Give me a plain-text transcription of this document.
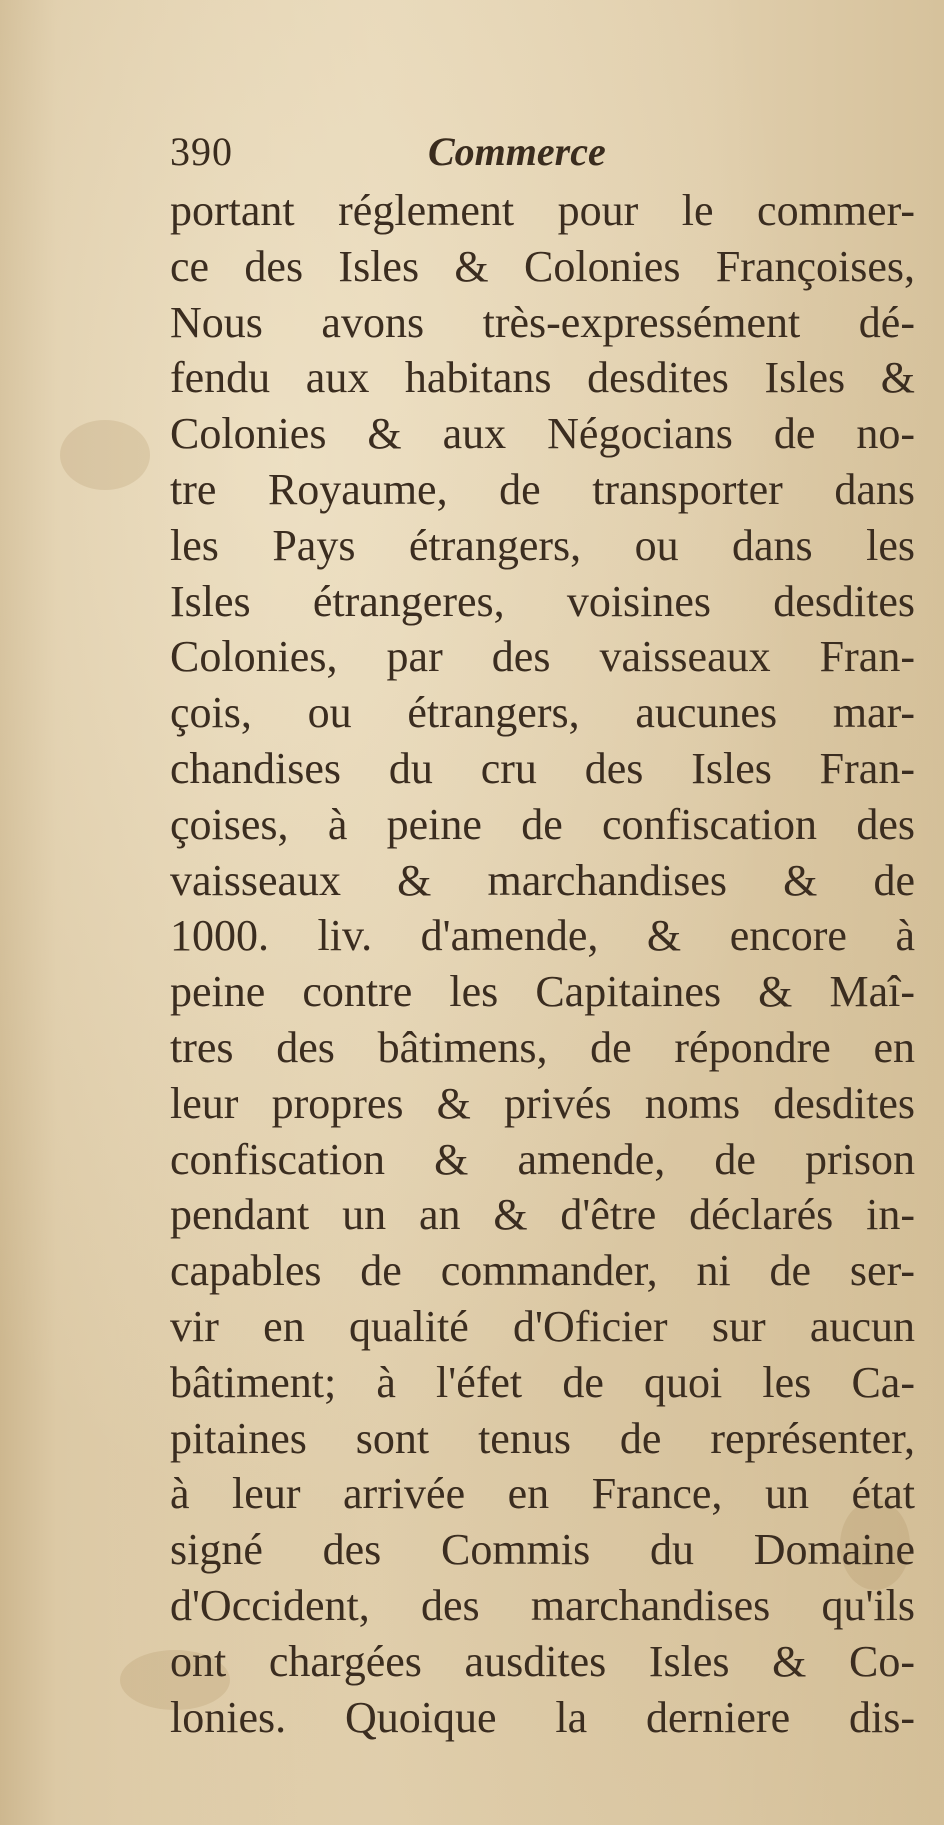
390	Commerce
portant réglement pour le commer-
ce des Isles & Colonies Françoises,
Nous avons très-expressément dé-
fendu aux habitans desdites Isles &
Colonies & aux Négocians de no-
tre Royaume, de transporter dans
les Pays étrangers, ou dans les
Isles étrangeres, voisines desdites
Colonies, par des vaisseaux Fran-
çois, ou étrangers, aucunes mar-
chandises du cru des Isles Fran-
çoises, à peine de confiscation des
vaisseaux & marchandises & de
1000. liv. d'amende, & encore à
peine contre les Capitaines & Maî-
tres des bâtimens, de répondre en
leur propres & privés noms desdites
confiscation & amende, de prison
pendant un an & d'être déclarés in-
capables de commander, ni de ser-
vir en qualité d'Oficier sur aucun
bâtiment; à l'éfet de quoi les Ca-
pitaines sont tenus de représenter,
à leur arrivée en France, un état
signé des Commis du Domaine
d'Occident, des marchandises qu'ils
ont chargées ausdites Isles & Co-
lonies. Quoique la derniere dis-
